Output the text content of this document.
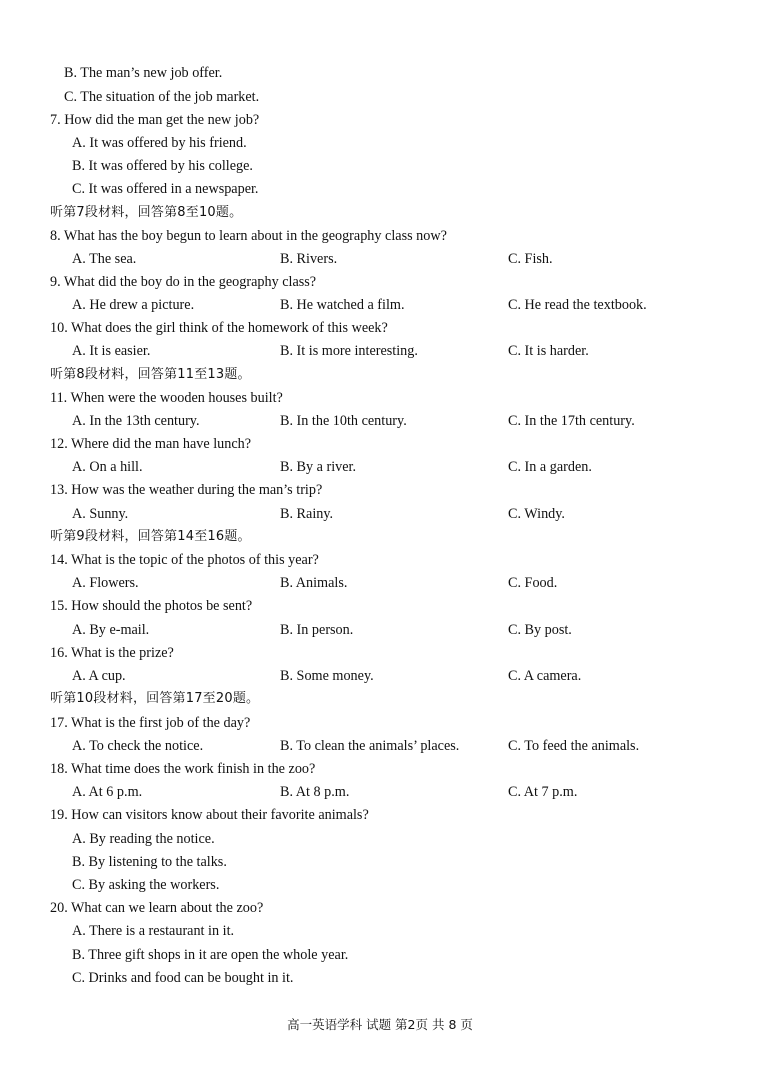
B. The man’s new job offer.
C. The situation of the job market.
7. How did the man get the new job?
A. It was offered by his friend.
B. It was offered by his college.
C. It was offered in a newspaper.
听第7段材料，回答第8至10题。
8. What has the boy begun to learn about in the geography class now?
A. The sea.	B. Rivers.	C. Fish.
9. What did the boy do in the geography class?
A. He drew a picture.	B. He watched a film.	C. He read the textbook.
10. What does the girl think of the homework of this week?
A. It is easier.	B. It is more interesting.	C. It is harder.
听第8段材料，回答第11至13题。
11. When were the wooden houses built?
A. In the 13th century.	B. In the 10th century.	C. In the 17th century.
12. Where did the man have lunch?
A. On a hill.	B. By a river.	C. In a garden.
13. How was the weather during the man’s trip?
A. Sunny.	B. Rainy.	C. Windy.
听第9段材料，回答第14至16题。
14. What is the topic of the photos of this year?
A. Flowers.	B. Animals.	C. Food.
15. How should the photos be sent?
A. By e-mail.	B. In person.	C. By post.
16. What is the prize?
A. A cup.	B. Some money.	C. A camera.
听第10段材料，回答第17至20题。
17. What is the first job of the day?
A. To check the notice.	B. To clean the animals’ places.	C. To feed the animals.
18. What time does the work finish in the zoo?
A. At 6 p.m.	B. At 8 p.m.	C. At 7 p.m.
19. How can visitors know about their favorite animals?
A. By reading the notice.
B. By listening to the talks.
C. By asking the workers.
20. What can we learn about the zoo?
A. There is a restaurant in it.
B. Three gift shops in it are open the whole year.
C. Drinks and food can be bought in it.
高一英语学科 试题 第2页 共 8 页
